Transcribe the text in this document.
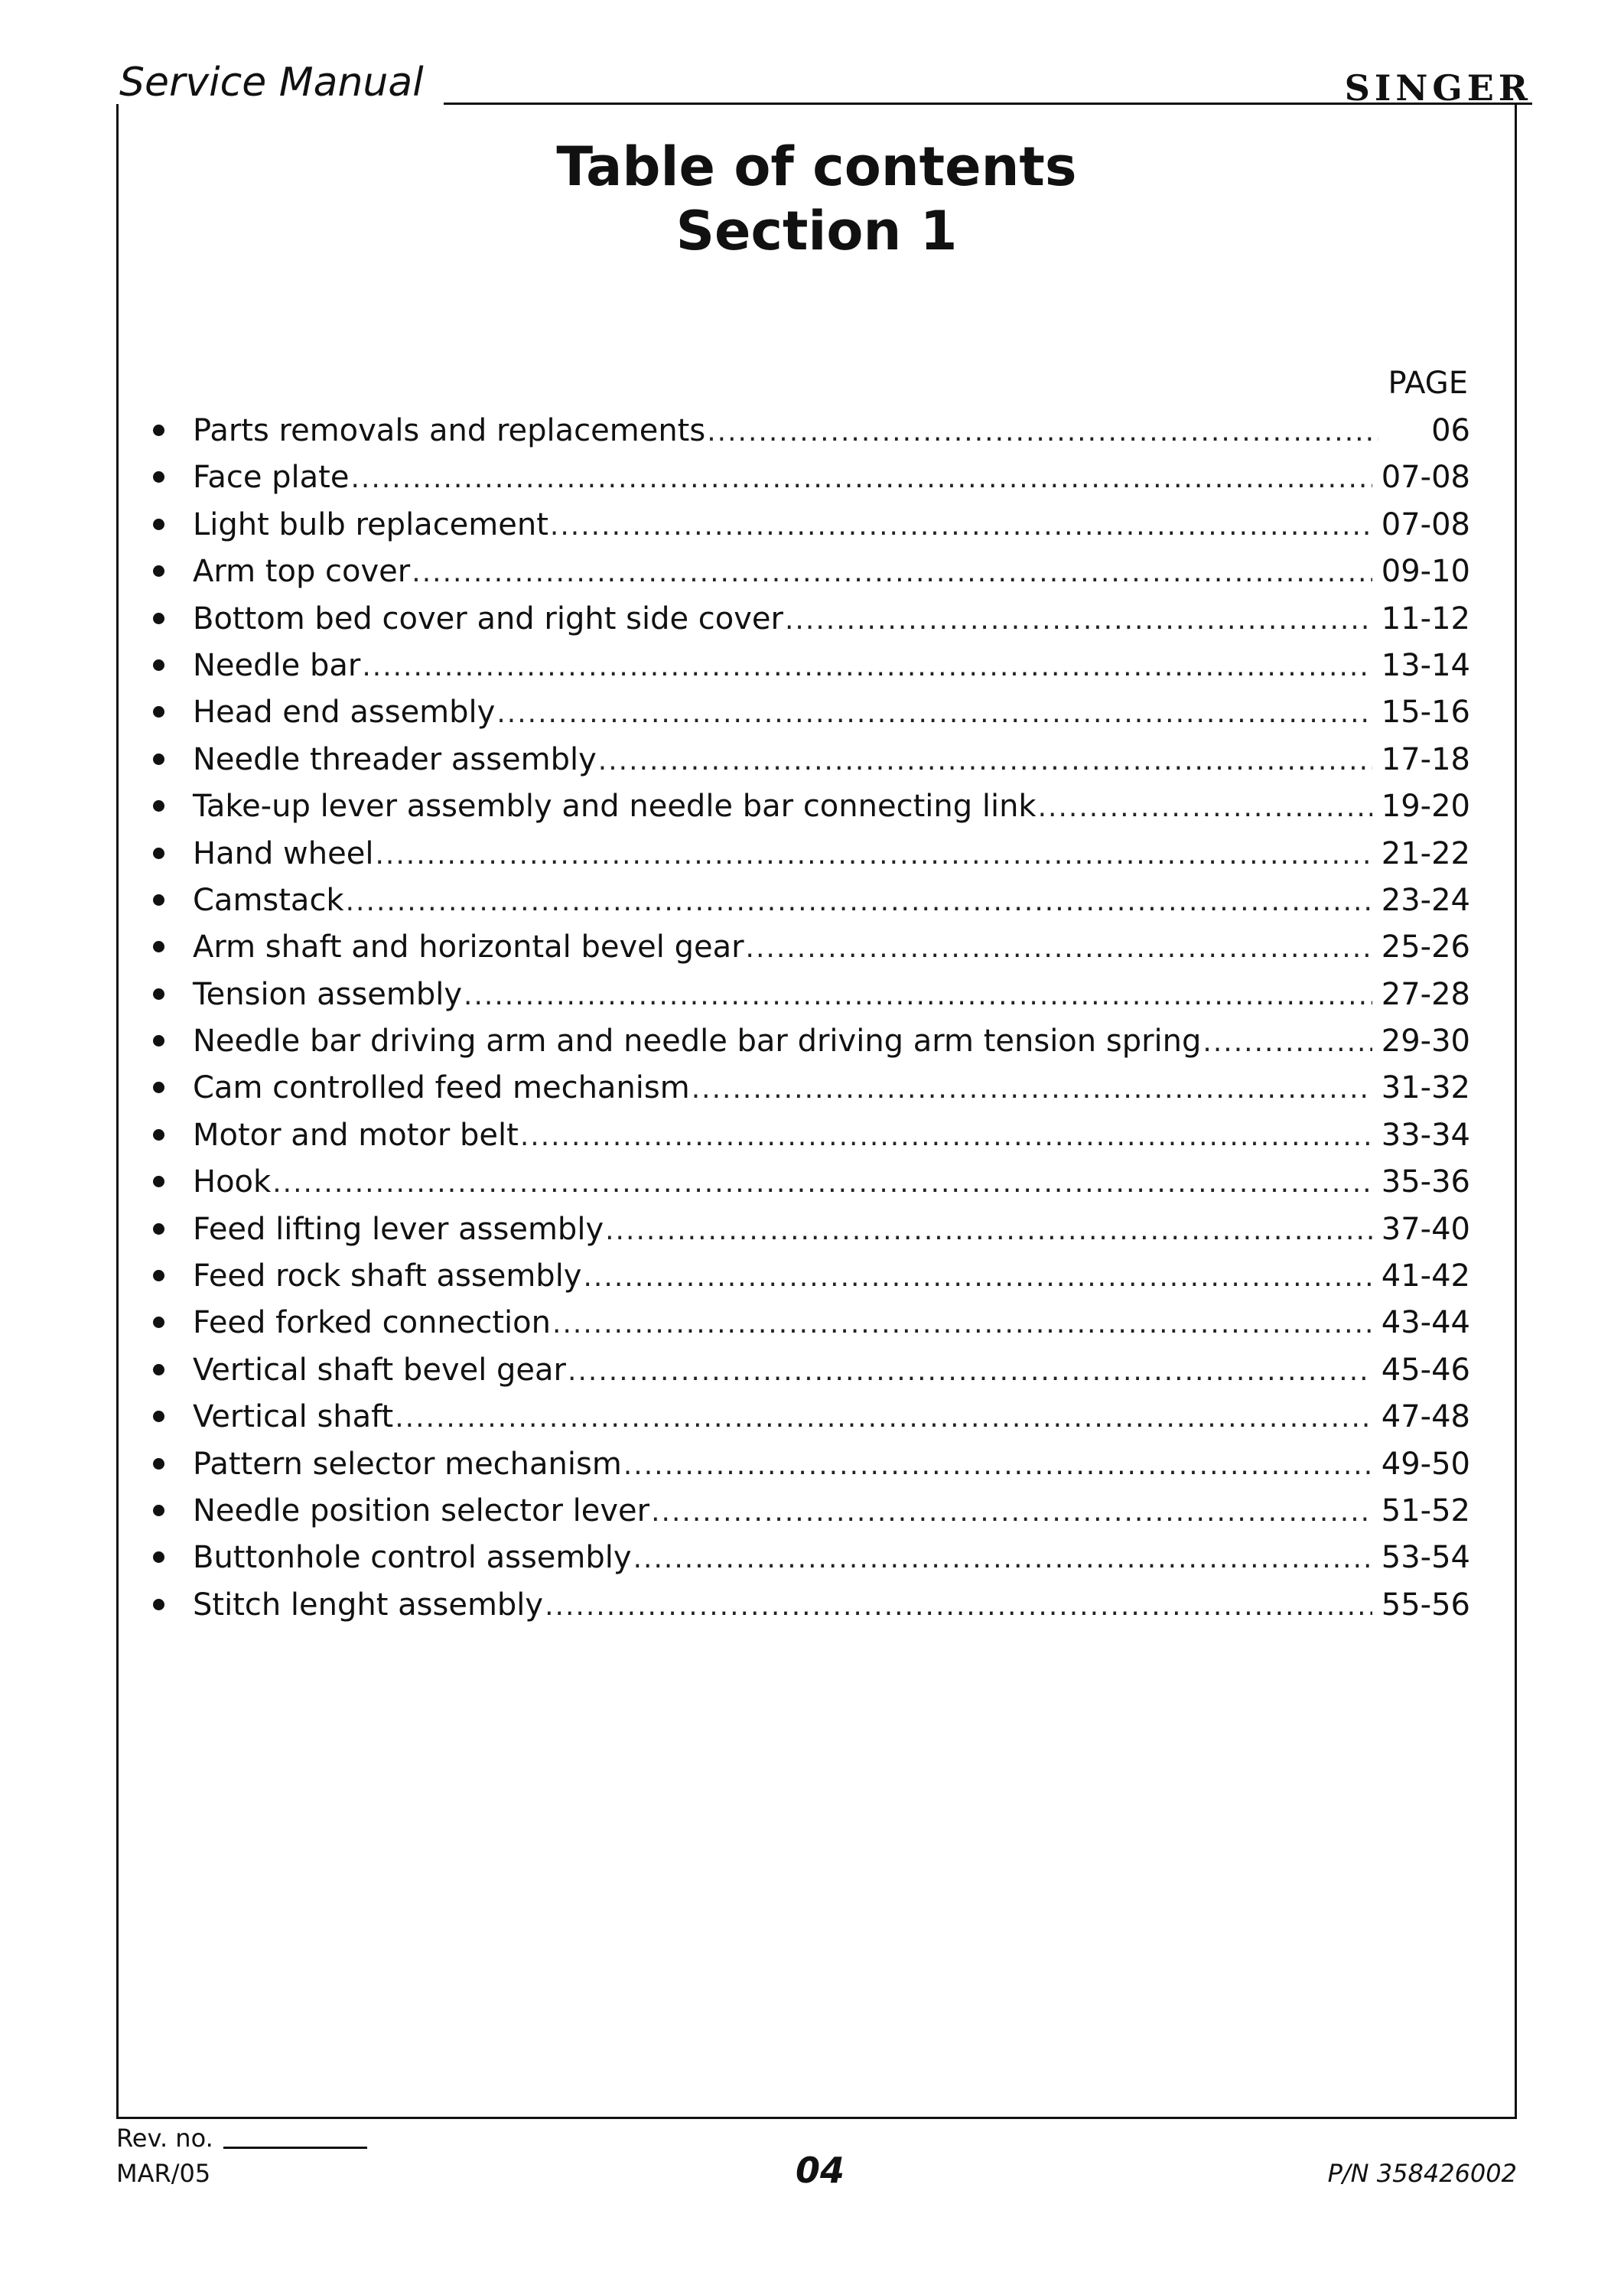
Service Manual	SINGER
Table of contents
Section 1
PAGE
Parts removals and replacements .....	06
Face plate .....	07-08
Light bulb replacement .....	07-08
Arm top cover .....	09-10
Bottom bed cover and right side cover .....	11-12
Needle bar .....	13-14
Head end assembly .....	15-16
Needle threader assembly .....	17-18
Take-up lever assembly and needle bar connecting link .....	19-20
Hand wheel .....	21-22
Camstack .....	23-24
Arm shaft and horizontal bevel gear .....	25-26
Tension assembly .....	27-28
Needle bar driving arm and needle bar driving arm tension spring .....	29-30
Cam controlled feed mechanism .....	31-32
Motor and motor belt .....	33-34
Hook .....	35-36
Feed lifting lever assembly .....	37-40
Feed rock shaft assembly .....	41-42
Feed forked connection .....	43-44
Vertical shaft bevel gear .....	45-46
Vertical shaft .....	47-48
Pattern selector mechanism .....	49-50
Needle position selector lever .....	51-52
Buttonhole control assembly .....	53-54
Stitch lenght assembly .....	55-56
Rev. no.
MAR/05	04	P/N 358426002
